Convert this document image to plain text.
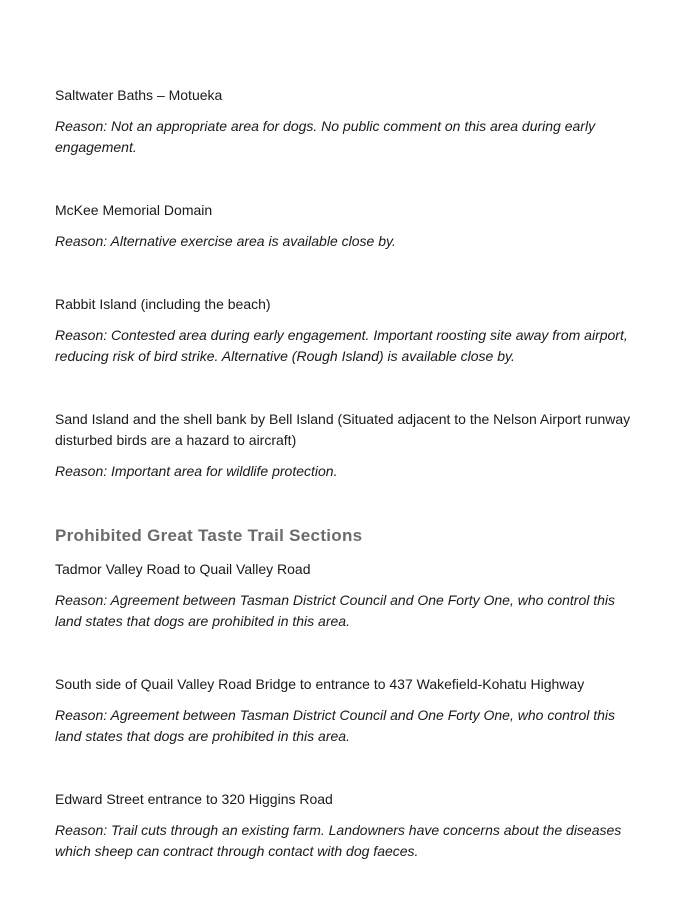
Saltwater Baths – Motueka

Reason: Not an appropriate area for dogs. No public comment on this area during early engagement.

McKee Memorial Domain

Reason: Alternative exercise area is available close by.

Rabbit Island (including the beach)

Reason: Contested area during early engagement. Important roosting site away from airport, reducing risk of bird strike. Alternative (Rough Island) is available close by.

Sand Island and the shell bank by Bell Island (Situated adjacent to the Nelson Airport runway disturbed birds are a hazard to aircraft)

Reason: Important area for wildlife protection.

Prohibited Great Taste Trail Sections

Tadmor Valley Road to Quail Valley Road

Reason: Agreement between Tasman District Council and One Forty One, who control this land states that dogs are prohibited in this area.

South side of Quail Valley Road Bridge to entrance to 437 Wakefield-Kohatu Highway

Reason: Agreement between Tasman District Council and One Forty One, who control this land states that dogs are prohibited in this area.

Edward Street entrance to 320 Higgins Road

Reason: Trail cuts through an existing farm. Landowners have concerns about the diseases which sheep can contract through contact with dog faeces.
